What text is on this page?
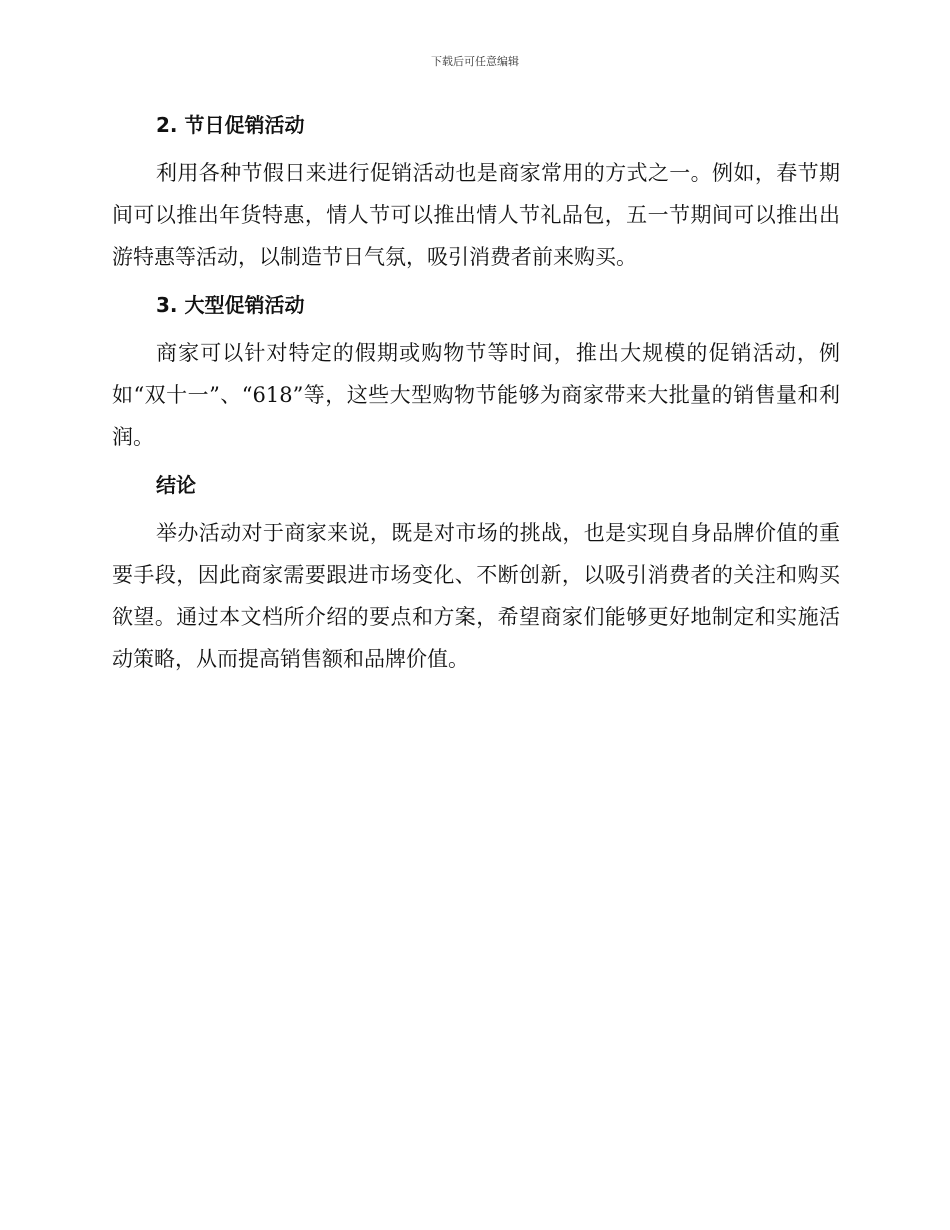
下载后可任意编辑
2. 节日促销活动

利用各种节假日来进行促销活动也是商家常用的方式之一。例如，春节期间可以推出年货特惠，情人节可以推出情人节礼品包，五一节期间可以推出出游特惠等活动，以制造节日气氛，吸引消费者前来购买。

3. 大型促销活动

商家可以针对特定的假期或购物节等时间，推出大规模的促销活动，例如“双十一”、“618”等，这些大型购物节能够为商家带来大批量的销售量和利润。

结论

举办活动对于商家来说，既是对市场的挑战，也是实现自身品牌价值的重要手段，因此商家需要跟进市场变化、不断创新，以吸引消费者的关注和购买欲望。通过本文档所介绍的要点和方案，希望商家们能够更好地制定和实施活动策略，从而提高销售额和品牌价值。
